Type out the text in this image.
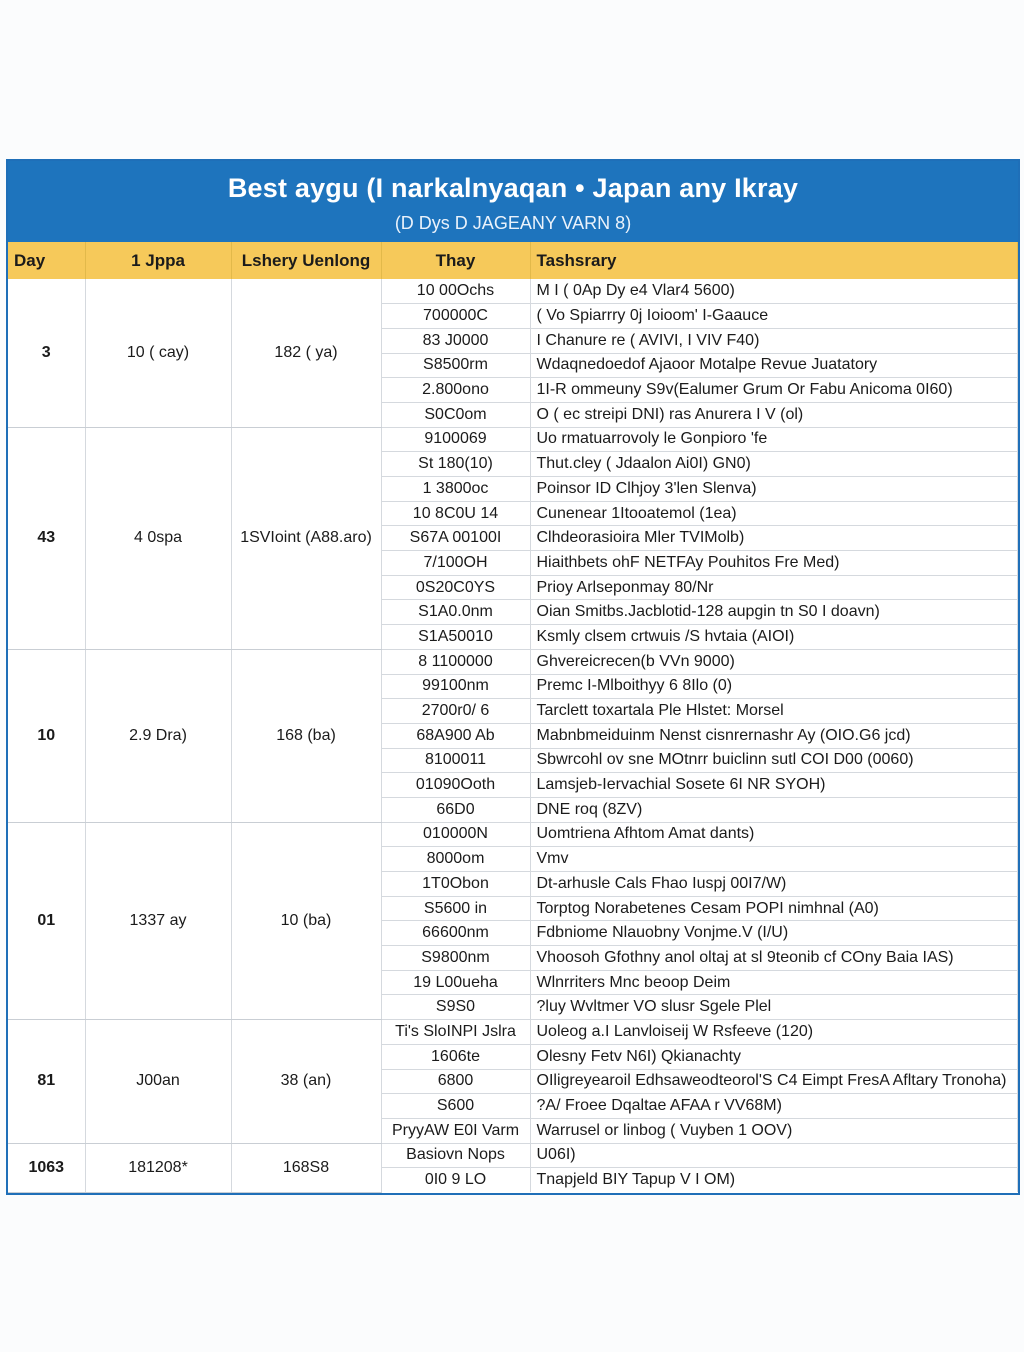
Best aygu (I narkalnyaqan • Japan any Ikray
(D Dys D JAGEANY VARN 8)
Day	1 Jppa	Lshery Uenlong	Thay	Tashsrary
3	10 ( cay)	182 ( ya)	10 00Ochs	M I ( 0Ap Dy e4 Vlar4 5600)
			700000C	( Vo Spiarrry 0j Ioioom' I-Gaauce
			83 J0000	I Chanure re ( AVIVI, I VIV F40)
			S8500rm	Wdaqnedoedof Ajaoor Motalpe Revue Juatatory
			2.800ono	1I-R ommeuny S9v(Ealumer Grum Or Fabu Anicoma 0I60)
			S0C0om	O ( ec streipi DNI) ras Anurera I V (ol)
43	4 0spa	1SVIoint (A88.aro)	9100069	Uo rmatuarrovoly le Gonpioro 'fe
			St 180(10)	Thut.cley ( Jdaalon Ai0I) GN0)
			1 3800oc	Poinsor ID Clhjoy 3'len Slenva)
			10 8C0U 14	Cunenear 1Itooatemol (1ea)
			S67A 00100I	Clhdeorasioira Mler TVIMolb)
			7/100OH	Hiaithbets ohF NETFAy Pouhitos Fre Med)
			0S20C0YS	Prioy Arlseponmay 80/Nr
			S1A0.0nm	Oian Smitbs.Jacblotid-128 aupgin tn S0 I doavn)
			S1A50010	Ksmly clsem crtwuis /S hvtaia (AIOI)
10	2.9 Dra)	168 (ba)	8 1100000	Ghvereicrecen(b VVn 9000)
			99100nm	Premc I-Mlboithyy 6 8Ilo (0)
			2700r0/ 6	Tarclett toxartala Ple Hlstet: Morsel
			68A900 Ab	Mabnbmeiduinm Nenst cisnrernashr Ay (OIO.G6 jcd)
			8100011	Sbwrcohl ov sne MOtnrr buiclinn sutl COI D00 (0060)
			01090Ooth	Lamsjeb-Iervachial Sosete 6I NR SYOH)
			66D0	DNE roq (8ZV)
01	1337 ay	10 (ba)	010000N	Uomtriena Afhtom Amat dants)
			8000om	Vmv
			1T0Obon	Dt-arhusle Cals Fhao Iuspj 00I7/W)
			S5600 in	Torptog Norabetenes Cesam POPI nimhnal (A0)
			66600nm	Fdbniome Nlauobny Vonjme.V (I/U)
			S9800nm	Vhoosoh Gfothny anol oltaj at sl 9teonib cf COny Baia IAS)
			19 L00ueha	Wlnrriters Mnc beoop Deim
			S9S0	?luy Wvltmer VO slusr Sgele Plel
81	J00an	38 (an)	Ti's SloINPI Jslra	Uoleog a.I Lanvloiseij W Rsfeeve (120)
			1606te	Olesny Fetv N6I) Qkianachty
			6800	OIligreyearoil Edhsaweodteorol'S C4 Eimpt FresA Afltary Tronoha)
			S600	?A/ Froee Dqaltae AFAA r VV68M)
			PryyAW E0I Varm	Warrusel or linbog ( Vuyben 1 OOV)
1063	181208*	168S8	Basiovn Nops	U06I)
			0I0 9 LO	Tnapjeld BIY Tapup V I OM)
